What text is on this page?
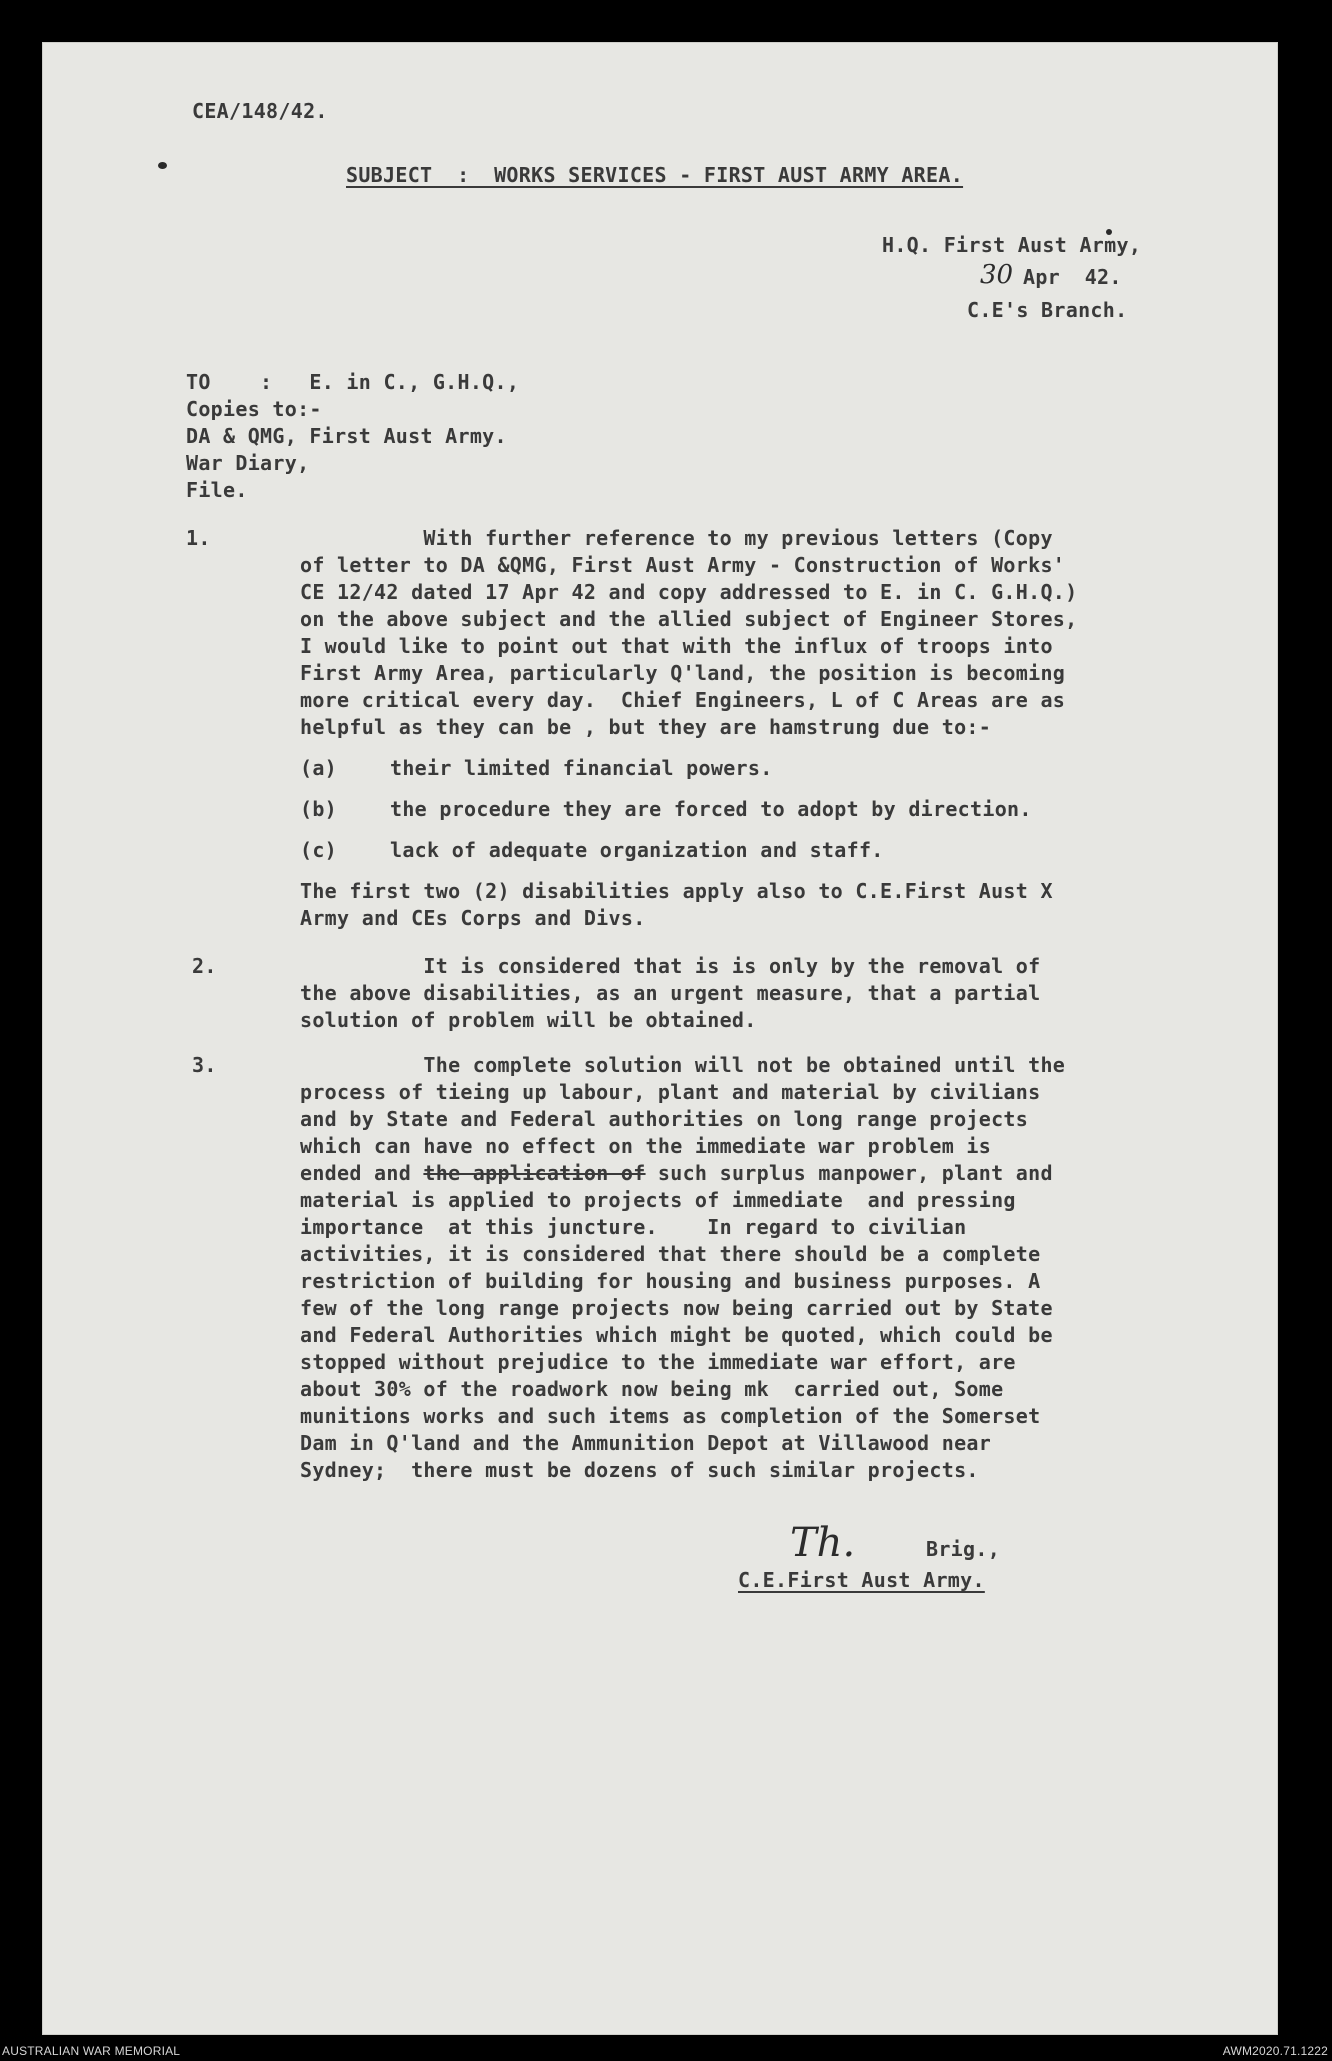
CEA/148/42.
SUBJECT  :  WORKS SERVICES - FIRST AUST ARMY AREA.
H.Q. First Aust Army,
30 Apr  42.
C.E's Branch.
TO    :   E. in C., G.H.Q.,
Copies to:-
DA & QMG, First Aust Army.
War Diary,
File.
1.	With further reference to my previous letters (Copy
of letter to DA &QMG, First Aust Army - Construction of Works'
CE 12/42 dated 17 Apr 42 and copy addressed to E. in C. G.H.Q.)
on the above subject and the allied subject of Engineer Stores,
I would like to point out that with the influx of troops into
First Army Area, particularly Q'land, the position is becoming
more critical every day.  Chief Engineers, L of C Areas are as
helpful as they can be , but they are hamstrung due to:-
(a)	their limited financial powers.
(b)	the procedure they are forced to adopt by direction.
(c)	lack of adequate organization and staff.
The first two (2) disabilities apply also to C.E.First Aust X
Army and CEs Corps and Divs.
2.	It is considered that is is only by the removal of
the above disabilities, as an urgent measure, that a partial
solution of problem will be obtained.
3.	The complete solution will not be obtained until the
process of tieing up labour, plant and material by civilians
and by State and Federal authorities on long range projects
which can have no effect on the immediate war problem is
ended and the application of such surplus manpower, plant and
material is applied to projects of immediate  and pressing
importance  at this juncture.    In regard to civilian
activities, it is considered that there should be a complete
restriction of building for housing and business purposes. A
few of the long range projects now being carried out by State
and Federal Authorities which might be quoted, which could be
stopped without prejudice to the immediate war effort, are
about 30% of the roadwork now being mk  carried out, Some
munitions works and such items as completion of the Somerset
Dam in Q'land and the Ammunition Depot at Villawood near
Sydney;  there must be dozens of such similar projects.
Th.	Brig.,
C.E.First Aust Army.
AUSTRALIAN WAR MEMORIAL	AWM2020.71.1222
